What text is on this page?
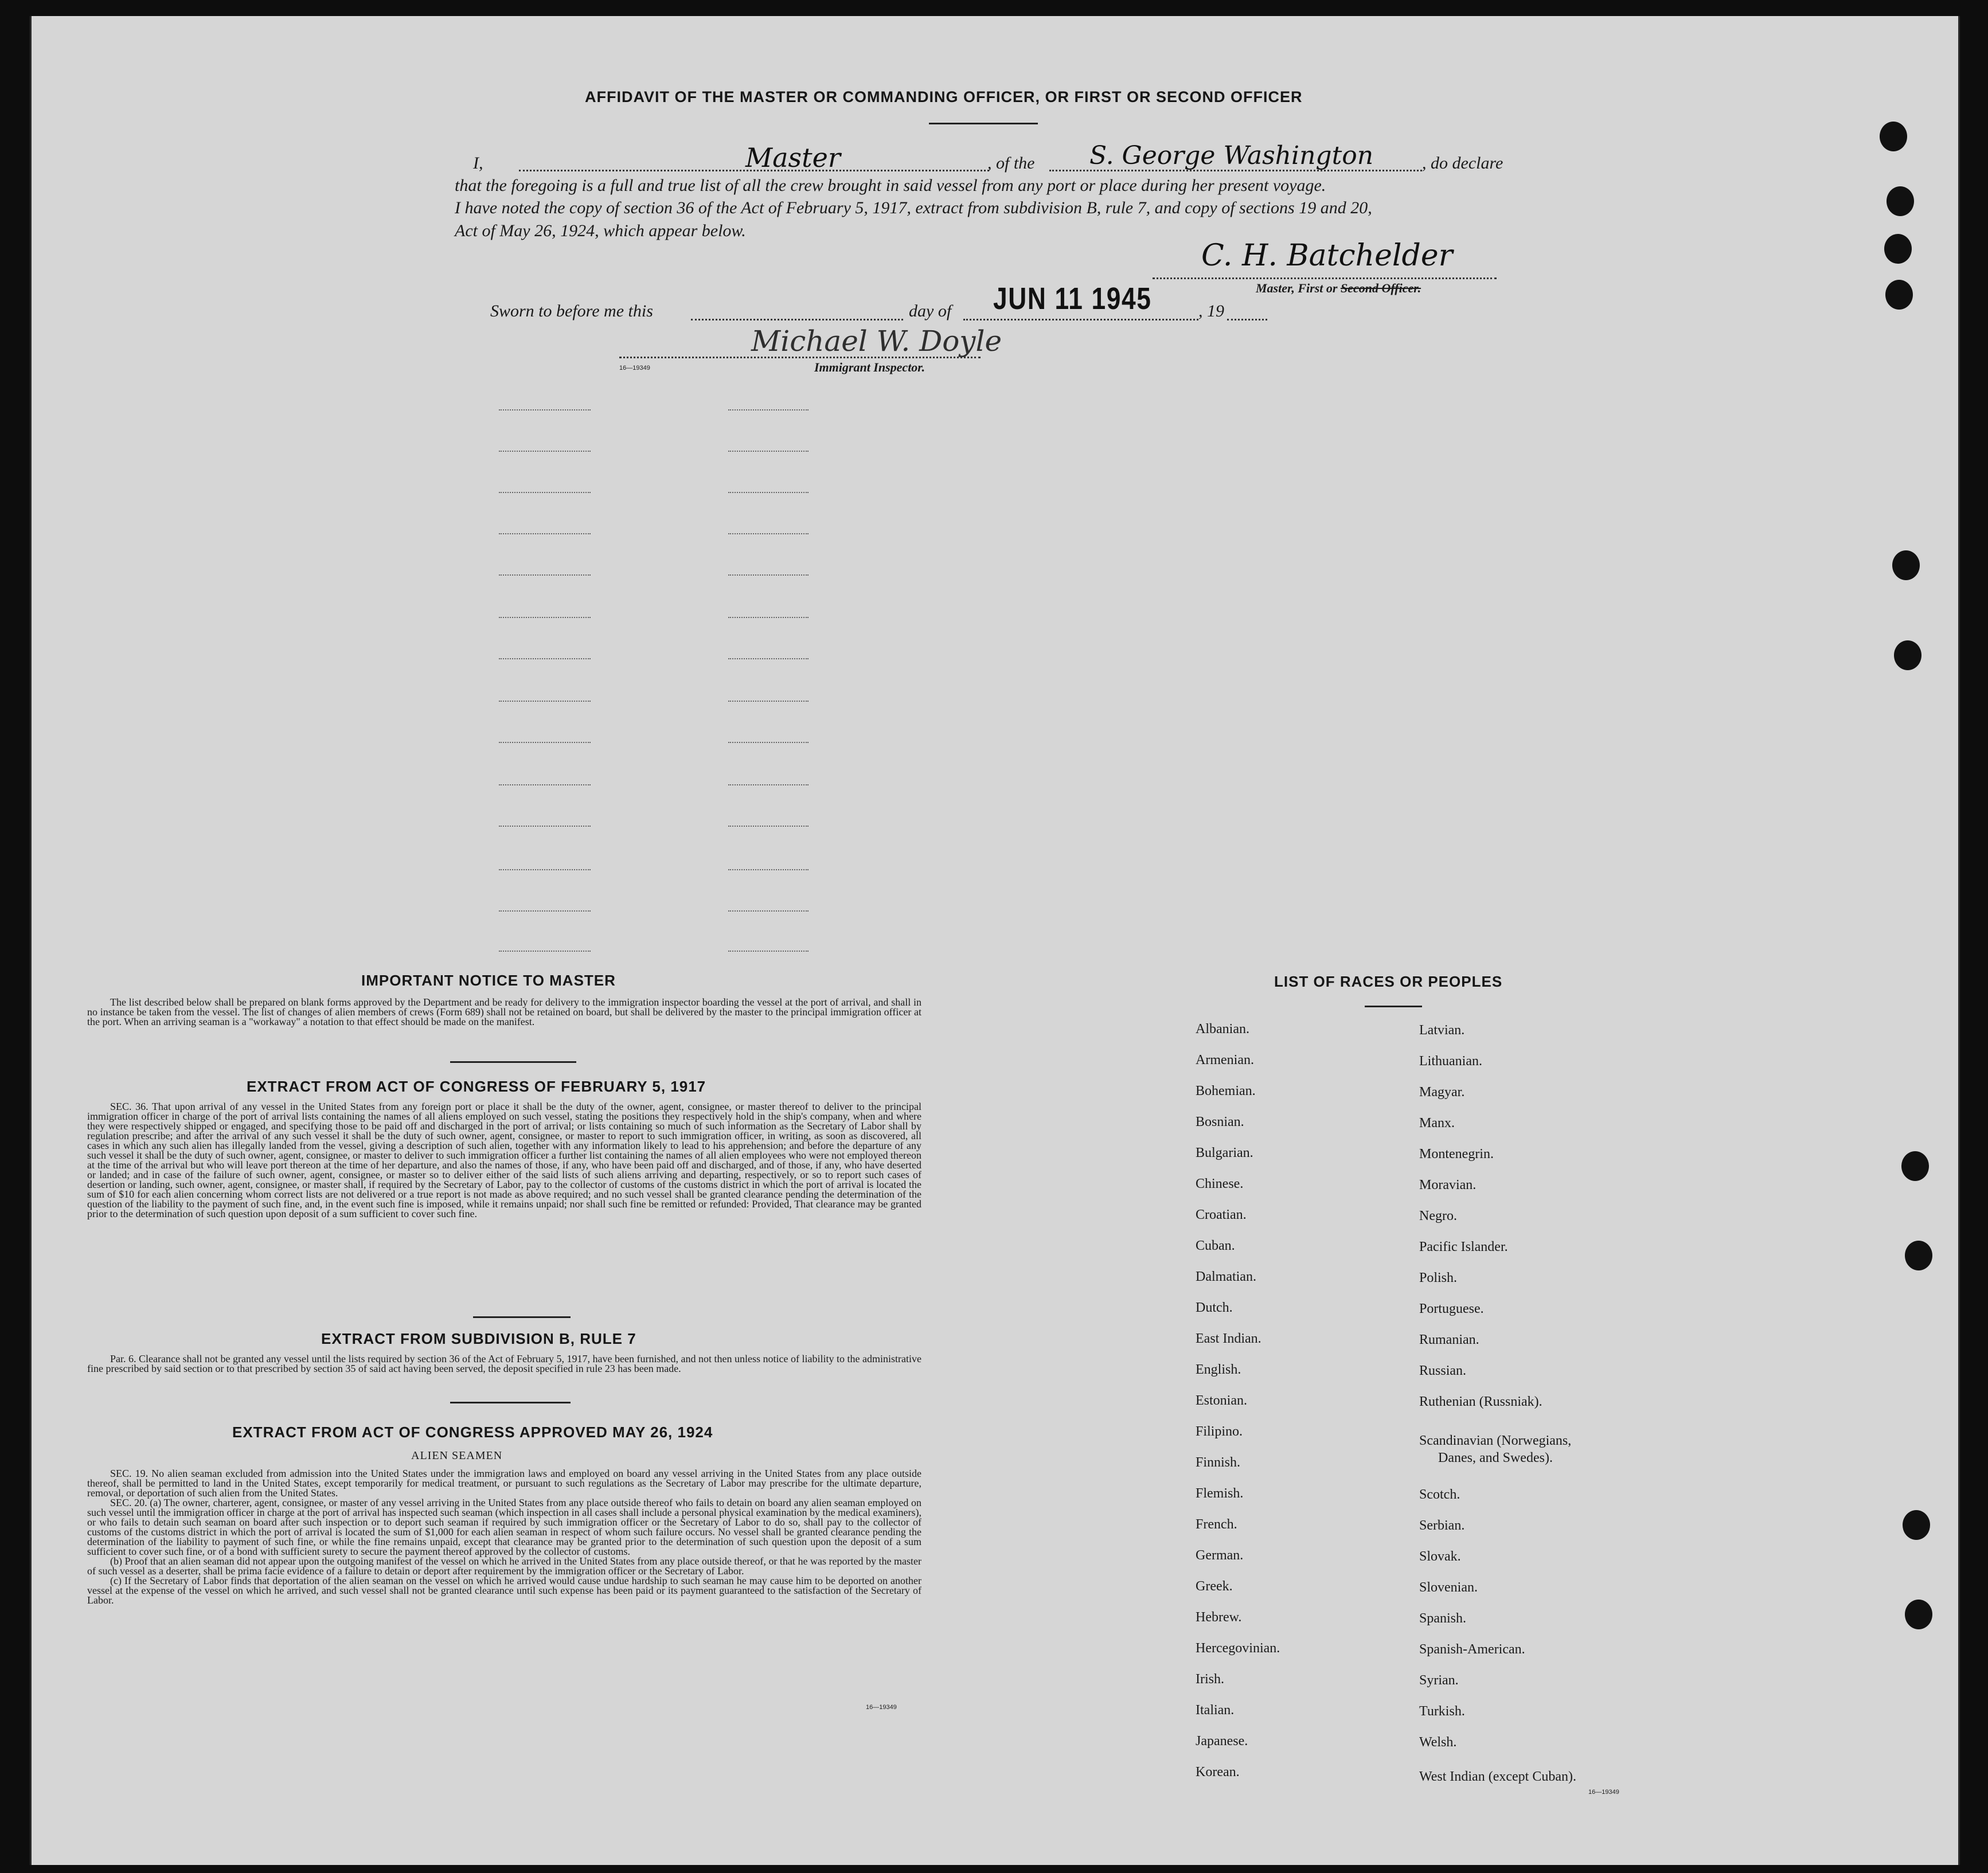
AFFIDAVIT OF THE MASTER OR COMMANDING OFFICER, OR FIRST OR SECOND OFFICER
I,	Master	, of the S. George Washington	, do declare
that the foregoing is a full and true list of all the crew brought in said vessel from any port or place during her present voyage.
I have noted the copy of section 36 of the Act of February 5, 1917, extract from subdivision B, rule 7, and copy of sections 19 and 20,
Act of May 26, 1924, which appear below.
C. H. Batchelder
Master, First or Second Officer.
Sworn to before me this	day of JUN 11 1945	, 19
Michael W. Doyle
Immigrant Inspector.
16—19349
IMPORTANT NOTICE TO MASTER

The list described below shall be prepared on blank forms approved by the Department and be ready for delivery to the immigration inspector boarding the vessel at the port of arrival, and shall in no instance be taken from the vessel. The list of changes of alien members of crews (Form 689) shall not be retained on board, but shall be delivered by the master to the principal immigration officer at the port. When an arriving seaman is a "workaway" a notation to that effect should be made on the manifest.

EXTRACT FROM ACT OF CONGRESS OF FEBRUARY 5, 1917

SEC. 36. That upon arrival of any vessel in the United States from any foreign port or place it shall be the duty of the owner, agent, consignee, or master thereof to deliver to the principal immigration officer in charge of the port of arrival lists containing the names of all aliens employed on such vessel, stating the positions they respectively hold in the ship's company, when and where they were respectively shipped or engaged, and specifying those to be paid off and discharged in the port of arrival; or lists containing so much of such information as the Secretary of Labor shall by regulation prescribe; and after the arrival of any such vessel it shall be the duty of such owner, agent, consignee, or master to report to such immigration officer, in writing, as soon as discovered, all cases in which any such alien has illegally landed from the vessel, giving a description of such alien, together with any information likely to lead to his apprehension; and before the departure of any such vessel it shall be the duty of such owner, agent, consignee, or master to deliver to such immigration officer a further list containing the names of all alien employees who were not employed thereon at the time of the arrival but who will leave port thereon at the time of her departure, and also the names of those, if any, who have been paid off and discharged, and of those, if any, who have deserted or landed; and in case of the failure of such owner, agent, consignee, or master so to deliver either of the said lists of such aliens arriving and departing, respectively, or so to report such cases of desertion or landing, such owner, agent, consignee, or master shall, if required by the Secretary of Labor, pay to the collector of customs of the customs district in which the port of arrival is located the sum of $10 for each alien concerning whom correct lists are not delivered or a true report is not made as above required; and no such vessel shall be granted clearance pending the determination of the question of the liability to the payment of such fine, and, in the event such fine is imposed, while it remains unpaid; nor shall such fine be remitted or refunded: Provided, That clearance may be granted prior to the determination of such question upon deposit of a sum sufficient to cover such fine.

EXTRACT FROM SUBDIVISION B, RULE 7

Par. 6. Clearance shall not be granted any vessel until the lists required by section 36 of the Act of February 5, 1917, have been furnished, and not then unless notice of liability to the administrative fine prescribed by said section or to that prescribed by section 35 of said act having been served, the deposit specified in rule 23 has been made.

EXTRACT FROM ACT OF CONGRESS APPROVED MAY 26, 1924
ALIEN SEAMEN

SEC. 19. No alien seaman excluded from admission into the United States under the immigration laws and employed on board any vessel arriving in the United States from any place outside thereof, shall be permitted to land in the United States, except temporarily for medical treatment, or pursuant to such regulations as the Secretary of Labor may prescribe for the ultimate departure, removal, or deportation of such alien from the United States.

SEC. 20. (a) The owner, charterer, agent, consignee, or master of any vessel arriving in the United States from any place outside thereof who fails to detain on board any alien seaman employed on such vessel until the immigration officer in charge at the port of arrival has inspected such seaman (which inspection in all cases shall include a personal physical examination by the medical examiners), or who fails to detain such seaman on board after such inspection or to deport such seaman if required by such immigration officer or the Secretary of Labor to do so, shall pay to the collector of customs of the customs district in which the port of arrival is located the sum of $1,000 for each alien seaman in respect of whom such failure occurs. No vessel shall be granted clearance pending the determination of the liability to payment of such fine, or while the fine remains unpaid, except that clearance may be granted prior to the determination of such question upon the deposit of a sum sufficient to cover such fine, or of a bond with sufficient surety to secure the payment thereof approved by the collector of customs.

(b) Proof that an alien seaman did not appear upon the outgoing manifest of the vessel on which he arrived in the United States from any place outside thereof, or that he was reported by the master of such vessel as a deserter, shall be prima facie evidence of a failure to detain or deport after requirement by the immigration officer or the Secretary of Labor.

(c) If the Secretary of Labor finds that deportation of the alien seaman on the vessel on which he arrived would cause undue hardship to such seaman he may cause him to be deported on another vessel at the expense of the vessel on which he arrived, and such vessel shall not be granted clearance until such expense has been paid or its payment guaranteed to the satisfaction of the Secretary of Labor.

16—19349
LIST OF RACES OR PEOPLES
Albanian.
Armenian.
Bohemian.
Bosnian.
Bulgarian.
Chinese.
Croatian.
Cuban.
Dalmatian.
Dutch.
East Indian.
English.
Estonian.
Filipino.
Finnish.
Flemish.
French.
German.
Greek.
Hebrew.
Hercegovinian.
Irish.
Italian.
Japanese.
Korean.
Latvian.
Lithuanian.
Magyar.
Manx.
Montenegrin.
Moravian.
Negro.
Pacific Islander.
Polish.
Portuguese.
Rumanian.
Russian.
Ruthenian (Russniak).
Scandinavian (Norwegians,
Danes, and Swedes).
Scotch.
Serbian.
Slovak.
Slovenian.
Spanish.
Spanish-American.
Syrian.
Turkish.
Welsh.
West Indian (except Cuban).
16—19349
